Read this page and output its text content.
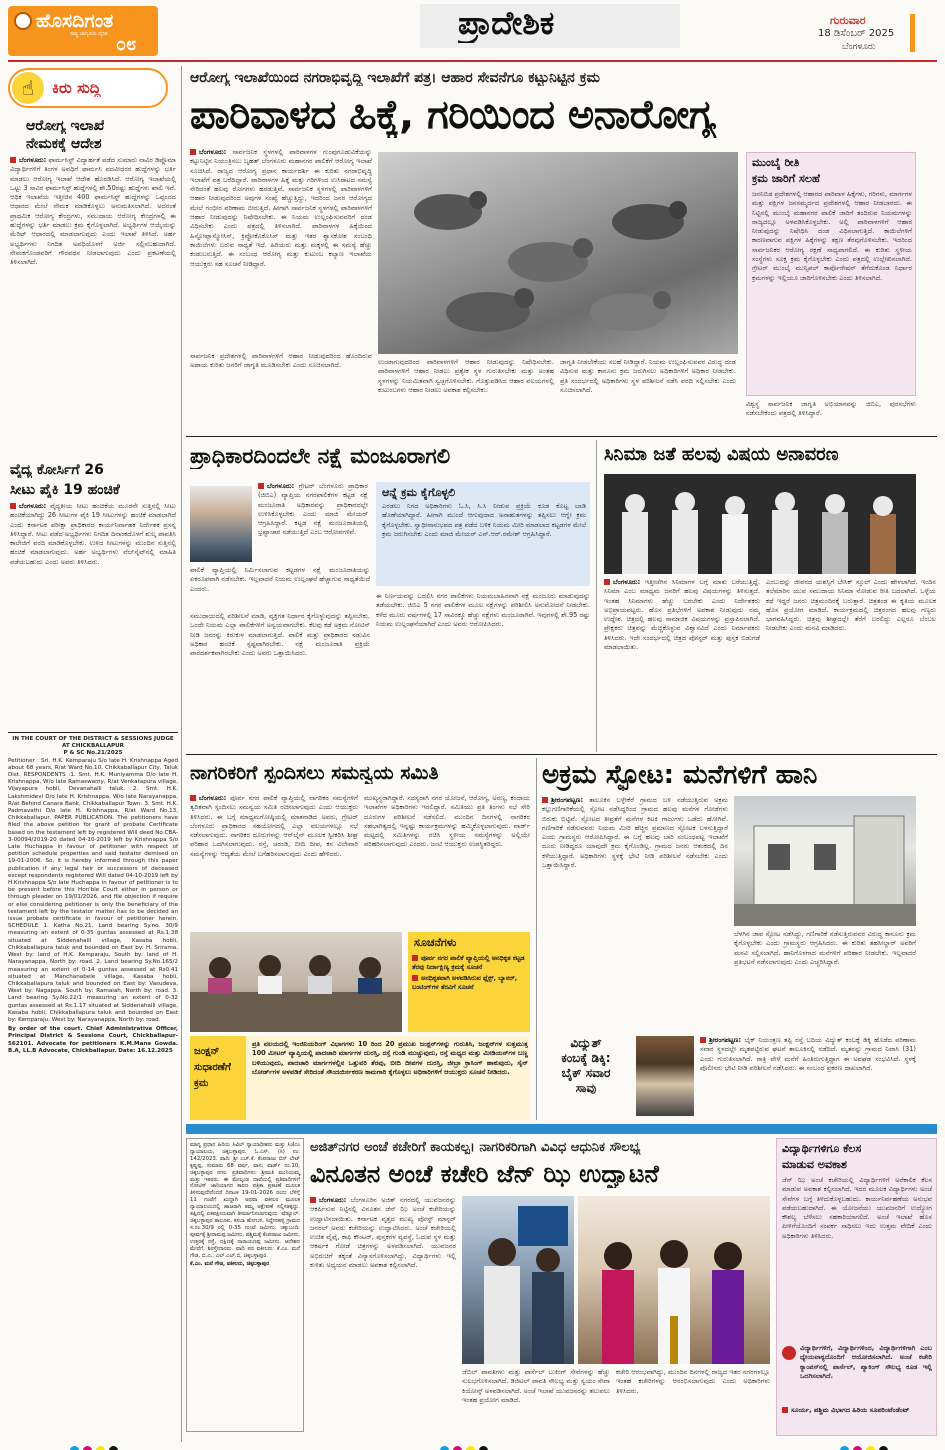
ಹೊಸದಿಗಂತ
ರಾಷ್ಟ್ರ ಜಾಗೃತಿಯ ದೈನಿಕ ೦೮
ಪ್ರಾದೇಶಿಕ	ಗುರುವಾರ
18 ಡಿಸೆಂಬರ್ 2025
ಬೆಂಗಳೂರು
☝	ಕಿರು ಸುದ್ದಿ
ಆರೋಗ್ಯ ಇಲಾಖೆ
ನೇಮಕಕ್ಕೆ ಆದೇಶ
ಬೆಂಗಳೂರು: ಫಾರ್ಮಸಿಸ್ಟ್ ವಿದ್ಯಾರ್ಹತೆ ಪಡೆದ ಸುಮಾರು ನಾವಿರ ಡಿಪ್ಲೊಮಾ ವಿದ್ಯಾರ್ಥಿಗಳಿಗೆ ತಿಂಗಳ ಅವಧಿಗೆ ಫಾರ್ಮಸಿ ಪದವೀಧರರ ಹುದ್ದೆಗಳನ್ನು ಭರ್ತಿ ಮಾಡಲು ಆರೋಗ್ಯ ಇಲಾಖೆ ಆದೇಶ ಹೊರಡಿಸಿದೆ. ಆರೋಗ್ಯ ಇಲಾಖೆಯಲ್ಲಿ ಒಟ್ಟು 3 ಸಾವಿರ ಫಾರ್ಮಸಿಸ್ಟ್ ಹುದ್ದೆಗಳಲ್ಲಿ ಶೇ.50ರಷ್ಟು ಹುದ್ದೆಗಳು ಖಾಲಿ ಇವೆ. ಆಧಿಕ ಇಲಾಖೆಯ ಇತ್ತೀಚಿನ 400 ಫಾರ್ಮಸಿಸ್ಟ್ ಹುದ್ದೆಗಳನ್ನು ಒಪ್ಪಂದದ ಆಧಾರದ ಮೇಲೆ ನೇಮಕ ಮಾಡಿಕೊಳ್ಳಲು ಅನುಮತಿಸಲಾಗಿದೆ. ಅದರಂತೆ ಪ್ರಾಥಮಿಕ ಆರೋಗ್ಯ ಕೇಂದ್ರಗಳು, ಸಮುದಾಯ ಆರೋಗ್ಯ ಕೇಂದ್ರಗಳಲ್ಲಿ ಈ ಹುದ್ದೆಗಳನ್ನು ಭರ್ತಿ ಮಾಡಲು ಕ್ರಮ ಕೈಗೊಳ್ಳಲಾಗಿದೆ. ಅಭ್ಯರ್ಥಿಗಳ ಆಯ್ಕೆಯನ್ನು ಮೆರಿಟ್ ಆಧಾರದಲ್ಲಿ ಮಾಡಲಾಗುವುದು ಎಂದು ಇಲಾಖೆ ತಿಳಿಸಿದೆ. ಅರ್ಹ ಅಭ್ಯರ್ಥಿಗಳು ನಿಗದಿತ ಅವಧಿಯೊಳಗೆ ಅರ್ಜಿ ಸಲ್ಲಿಸಬಹುದಾಗಿದೆ. ನೇಮಕಗೊಂಡವರಿಗೆ ಗೌರವಧನ ನೀಡಲಾಗುವುದು ಎಂದು ಪ್ರಕಟಣೆಯಲ್ಲಿ ತಿಳಿಸಲಾಗಿದೆ.
ವೈದ್ಯ ಕೋರ್ಸಿಗೆ 26
ಸೀಟು ಪೈಕಿ 19 ಹಂಚಿಕೆ
ಬೆಂಗಳೂರು: ವೈದ್ಯಕೀಯ ಸೀಟು ಹಂಚಿಕೆಯ ಮೂರನೇ ಸುತ್ತಿನಲ್ಲಿ ಸೀಟು ಹಂಚಿಕೆಯಾಗಿದ್ದು 26 ಸೀಟುಗಳ ಪೈಕಿ 19 ಸೀಟುಗಳನ್ನು ಹಂಚಿಕೆ ಮಾಡಲಾಗಿದೆ ಎಂದು ಕರ್ನಾಟಕ ಪರೀಕ್ಷಾ ಪ್ರಾಧಿಕಾರದ ಕಾರ್ಯನಿರ್ವಾಹಕ ನಿರ್ದೇಶಕ ಪ್ರಸನ್ನ ತಿಳಿಸಿದ್ದಾರೆ. ಸೀಟು ಪಡೆದ ಅಭ್ಯರ್ಥಿಗಳು ನಿಗದಿತ ದಿನಾಂಕದೊಳಗೆ ಶುಲ್ಕ ಪಾವತಿಸಿ ಕಾಲೇಜಿಗೆ ವರದಿ ಮಾಡಿಕೊಳ್ಳಬೇಕು. ಉಳಿದ ಸೀಟುಗಳನ್ನು ಮುಂದಿನ ಸುತ್ತಿನಲ್ಲಿ ಹಂಚಿಕೆ ಮಾಡಲಾಗುವುದು. ಅರ್ಹ ಅಭ್ಯರ್ಥಿಗಳು ವೆಬ್‌ಸೈಟ್‌ನಲ್ಲಿ ಮಾಹಿತಿ ಪಡೆಯಬಹುದು ಎಂದು ಅವರು ತಿಳಿಸಿದರು.
IN THE COURT OF THE DISTRICT & SESSIONS JUDGE AT CHICKBALLAPUR
P & SC No.21/2025
Petitioner : Sri. H.K. Kemparaju S/o late H. Krishnappa Aged about 68 years, R/at Ward No.10, Chikkaballapur City, Taluk Dist. RESPONDENTS :1. Smt. H.K. Muniyamma D/o late H. Krishnappa, W/o late Ramaswamy, R/at Venkatapura village, Vijayapura hobli, Devanahalli taluk. 2. Smt. H.K. Lakshmidevi D/o late H. Krishnappa, W/o late Narayanappa, R/at Behind Canara Bank, Chikkaballapur Town. 3. Smt. H.K. Padmavathi D/o late H. Krishnappa, R/at Ward No.13, Chikkaballapur. PAPER PUBLICATION. The petitioners have filed the above petition for grant of probate Certificate based on the testament left by registered Will deed No.CBA-3-00094/2019-20 dated 04-10-2019 left by Krishnappa S/o Late Huchappa in favour of petitioner with respect of petition schedule properties and said testator demised on 19-01-2006. So, it is hereby informed through this paper publication if any legal heir or successors of deceased except respondents registered Will dated 04-10-2019 left by H.Krishnappa S/o late Huchappa in favour of petitioner is to be present before this Hon'ble Court either in person or through pleader on 19/01/2026, and file objection if require or else considering petitioner is only the beneficiary of the testament left by the testator matter has to be decided an issue probate certificate in favour of petitioner herein. SCHEDULE 1. Katha No.21, Land bearing Sy.no. 30/9 measuring an extent of 0-35 guntas assessed at Rs.1.38 situated at Siddenahalli village, Kasaba hobli, Chikkaballapura taluk and bounded on East by: H. Srirama. West by: land of H.K. Kemparaju, South by: land of H. Narayanappa, North by: road. 2. Land bearing Sy.No.165/2 measuring an extent of 0-14 guntas assessed at Rs0.41 situated at Manchanabele village, Kasaba hobli, Chikkaballapura taluk and bounded on East by: Vasudeva, West by: Nagappa, South by: Ramaiah, North by: road. 3. Land bearing Sy.No.22/1 measuring an extent of 0-32 guntas assessed at Rs.1.17 situated at Siddenahalli village, Kasaba hobli, Chikkaballapura taluk and bounded on East by: Kemparaju, West by: Narayanappa, North by: road.
By order of the court. Chief Administrative Officer, Principal District & Sessions Court, Chickballapur-562101. Advocate for petitioners K.M.Mane Gowda. B.A, LL.B Advocate, Chickballapur. Date: 16.12.2025
ಆರೋಗ್ಯ ಇಲಾಖೆಯಿಂದ ನಗರಾಭಿವೃದ್ಧಿ ಇಲಾಖೆಗೆ ಪತ್ರ। ಆಹಾರ ಸೇವನೆಗೂ ಕಟ್ಟುನಿಟ್ಟಿನ ಕ್ರಮ
ಪಾರಿವಾಳದ ಹಿಕ್ಕೆ, ಗರಿಯಿಂದ ಅನಾರೋಗ್ಯ
ಬೆಂಗಳೂರು: ಸಾರ್ವಜನಿಕ ಸ್ಥಳಗಳಲ್ಲಿ ಪಾರಿವಾಳಗಳ ಗುಂಪುಗೂಡುವಿಕೆಯನ್ನು ಕಟ್ಟುನಿಟ್ಟಿನ ನಿಯಂತ್ರಿಸಲು ಬೃಹತ್ ಬೆಂಗಳೂರು ಮಹಾನಗರ ಪಾಲಿಕೆಗೆ ಆರೋಗ್ಯ ಇಲಾಖೆ ಸೂಚಿಸಿದೆ. ರಾಜ್ಯದ ಆರೋಗ್ಯ ಪ್ರಧಾನ ಕಾರ್ಯದರ್ಶಿ ಈ ಕುರಿತು ನಗರಾಭಿವೃದ್ಧಿ ಇಲಾಖೆಗೆ ಪತ್ರ ಬರೆದಿದ್ದಾರೆ. ಪಾರಿವಾಳಗಳ ಹಿಕ್ಕೆ ಮತ್ತು ಗರಿಗಳಿಂದ ಉಸಿರಾಟದ ಸಮಸ್ಯೆ ಸೇರಿದಂತೆ ಹಲವು ರೋಗಗಳು ಹರಡುತ್ತಿವೆ. ಸಾರ್ವಜನಿಕ ಸ್ಥಳಗಳಲ್ಲಿ ಪಾರಿವಾಳಗಳಿಗೆ ಆಹಾರ ನೀಡುವುದರಿಂದ ಅವುಗಳ ಸಂಖ್ಯೆ ಹೆಚ್ಚುತ್ತಿದ್ದು, ಇದರಿಂದ ಜನರ ಆರೋಗ್ಯದ ಮೇಲೆ ಗಂಭೀರ ಪರಿಣಾಮ ಬೀರುತ್ತಿದೆ. ಹೀಗಾಗಿ ಸಾರ್ವಜನಿಕ ಸ್ಥಳಗಳಲ್ಲಿ ಪಾರಿವಾಳಗಳಿಗೆ ಆಹಾರ ನೀಡುವುದನ್ನು ನಿಷೇಧಿಸಬೇಕು. ಈ ನಿಯಮ ಉಲ್ಲಂಘಿಸುವವರಿಗೆ ದಂಡ ವಿಧಿಸಬೇಕು ಎಂದು ಪತ್ರದಲ್ಲಿ ತಿಳಿಸಲಾಗಿದೆ. ಪಾರಿವಾಳಗಳ ಹಿಕ್ಕೆಯಿಂದ ಹಿಸ್ಟೋಪ್ಲಾಸ್ಮೋಸಿಸ್, ಕ್ರಿಪ್ಟೋಕೊಕೊಸಿಸ್ ಮತ್ತು ಇತರ ಶ್ವಾಸಕೋಶ ಸಂಬಂಧಿ ಕಾಯಿಲೆಗಳು ಬರುವ ಸಾಧ್ಯತೆ ಇದೆ. ಹಿರಿಯರು ಮತ್ತು ಮಕ್ಕಳಲ್ಲಿ ಈ ಸಮಸ್ಯೆ ಹೆಚ್ಚು ಕಂಡುಬರುತ್ತಿದೆ. ಈ ಸಂಬಂಧ ಆರೋಗ್ಯ ಮತ್ತು ಕುಟುಂಬ ಕಲ್ಯಾಣ ಇಲಾಖೆಯ ಆಯುಕ್ತರು ಸಹ ಸೂಚನೆ ನೀಡಿದ್ದಾರೆ.
ಸಾರ್ವಜನಿಕ ಪ್ರದೇಶಗಳಲ್ಲಿ ಪಾರಿವಾಳಗಳಿಗೆ ಆಹಾರ ನೀಡುವುದರಿಂದ ಹೊಂದಿರುವ ಅಪಾಯ ಕುರಿತು ಜನರಿಗೆ ಜಾಗೃತಿ ಮೂಡಿಸಬೇಕು ಎಂದು ಸೂಚಿಸಲಾಗಿದೆ.	ಉಂಟಾಗುವುದರಿಂದ ಪಾರಿವಾಳಗಳಿಗೆ ಆಹಾರ ನೀಡುವುದನ್ನು ನಿಷೇಧಿಸಬೇಕು. ಪಾರಿವಾಳಗಳಿಗೆ ಆಹಾರ ನೀಡಲು ಪ್ರತ್ಯೇಕ ಸ್ಥಳ ಗುರುತಿಸಬೇಕು ಮತ್ತು ಅಂತಹ ಸ್ಥಳಗಳನ್ನು ನಿಯಮಿತವಾಗಿ ಸ್ವಚ್ಛಗೊಳಿಸಬೇಕು. ಗೊತ್ತುಪಡಿಸಿದ ಆಹಾರ ವಲಯಗಳಲ್ಲಿ ಕುಟುಂಬಗಳು ಆಹಾರ ನೀಡಲು ಅವಕಾಶ ಕಲ್ಪಿಸಬೇಕು.
ಜಾಗೃತಿ ನೀಡಬೇಕೆಂದು ಸಲಹೆ ನೀಡಿದ್ದಾರೆ. ನಿಯಮ ಉಲ್ಲಂಘಿಸುವವರ ವಿರುದ್ಧ ದಂಡ ವಿಧಿಸುವ ಮತ್ತು ಕಾನೂನು ಕ್ರಮ ಜರುಗಿಸಲು ಅಧಿಕಾರಿಗಳಿಗೆ ಅಧಿಕಾರ ನೀಡಬೇಕು. ಪ್ರತಿ ಸಂದರ್ಭದಲ್ಲಿ ಅಧಿಕಾರಿಗಳು ಸ್ಥಳ ಪರಿಶೀಲನೆ ನಡೆಸಿ ವರದಿ ಸಲ್ಲಿಸಬೇಕು ಎಂದು ಸೂಚಿಸಲಾಗಿದೆ.
ಮುಂಬೈ ರೀತಿ
ಕ್ರಮ ಜಾರಿಗೆ ಸಲಹೆ
ಜನನಿಬಿಡ ಪ್ರದೇಶಗಳಲ್ಲಿ ಆಹಾರದ ಪಾರಿವಾಳ ಹಿಕ್ಕೆಗಳು, ಗರಿಗಳು, ಮಾರ್ಗಗಳ ಮತ್ತು ಪಕ್ಷಿಗಳ ಜನಸಮ್ಮರ್ದದ ಪ್ರದೇಶಗಳಲ್ಲಿ ಆಹಾರ ನೀಡಬಾರದು. ಈ ನಿಟ್ಟಿನಲ್ಲಿ ಮುಂಬೈ ಮಹಾನಗರ ಪಾಲಿಕೆ ಜಾರಿಗೆ ತಂದಿರುವ ನಿಯಮಗಳನ್ನು ರಾಜ್ಯದಲ್ಲೂ ಅಳವಡಿಸಿಕೊಳ್ಳಬೇಕು. ಅಲ್ಲಿ ಪಾರಿವಾಳಗಳಿಗೆ ಆಹಾರ ನೀಡುವುದನ್ನು ನಿಷೇಧಿಸಿ ದಂಡ ವಿಧಿಸಲಾಗುತ್ತಿದೆ. ಕಾಯಿಲೆಗಳಿಗೆ ಕಾರಣವಾಗುವ ಪಕ್ಷಿಗಳ ಹಿಕ್ಕೆಗಳನ್ನು ತಕ್ಷಣ ತೆರವುಗೊಳಿಸಬೇಕು. ಇದರಿಂದ ಸಾರ್ವಜನಿಕರ ಆರೋಗ್ಯ ರಕ್ಷಣೆ ಸಾಧ್ಯವಾಗಲಿದೆ. ಈ ಕುರಿತು ಸ್ಥಳೀಯ ಸಂಸ್ಥೆಗಳು ಸೂಕ್ತ ಕ್ರಮ ಕೈಗೊಳ್ಳಬೇಕು ಎಂದು ಪತ್ರದಲ್ಲಿ ಉಲ್ಲೇಖಿಸಲಾಗಿದೆ. ಗ್ರೇಟರ್ ಮುಂಬೈ ಮುನ್ಸಿಪಲ್ ಕಾರ್ಪೊರೇಷನ್ ತೆಗೆದುಕೊಂಡ ನಿರ್ಧಾರ ಕ್ರಮಗಳನ್ನು ಇಲ್ಲಿಯೂ ಜಾರಿಗೊಳಿಸಬೇಕು ಎಂದು ತಿಳಿಸಲಾಗಿದೆ.
ವಿಶ್ವಸ್ಥ ಸಾರ್ವಜನಿಕ ಜಾಗೃತಿ ಅಭಿಯಾನವನ್ನು ಜಿಬಿಎ, ಪುರಸಭೆಗಳು ನಡೆಸಬೇಕೆಂದು ಪತ್ರದಲ್ಲಿ ತಿಳಿಸಿದ್ದಾರೆ.
ಪ್ರಾಧಿಕಾರದಿಂದಲೇ ನಕ್ಷೆ ಮಂಜೂರಾಗಲಿ
ಬೆಂಗಳೂರು: ಗ್ರೇಟರ್ ಬೆಂಗಳೂರು ಪ್ರಾಧಿಕಾರ (ಜಿಬಿಎ) ವ್ಯಾಪ್ತಿಯ ನಗರಪಾಲಿಕೆಗಳ ಕಟ್ಟಡ ನಕ್ಷೆ ಮಂಜೂರಾತಿ ಅಧಿಕಾರವನ್ನು ಪ್ರಾಧಿಕಾರದಲ್ಲೇ ಉಳಿಸಿಕೊಳ್ಳಬೇಕು ಎಂದು ಮಾಜಿ ಮೇಯರ್ ಆಗ್ರಹಿಸಿದ್ದಾರೆ. ಕಟ್ಟಡ ನಕ್ಷೆ ಮಂಜೂರಾತಿಯಲ್ಲಿ ಭ್ರಷ್ಟಾಚಾರ ನಡೆಯುತ್ತಿದೆ ಎಂಬ ಆರೋಪಗಳಿವೆ.
ಪಾಲಿಕೆ ವ್ಯಾಪ್ತಿಯಲ್ಲಿ ನಿರ್ಮಿಸಲಾಗುವ ಕಟ್ಟಡಗಳ ನಕ್ಷೆ ಮಂಜೂರಾತಿಯನ್ನು ಏಕರೂಪವಾಗಿ ನಡೆಸಬೇಕು. ಇಲ್ಲವಾದರೆ ನಿಯಮ ಉಲ್ಲಂಘನೆ ಹೆಚ್ಚಾಗುವ ಸಾಧ್ಯತೆಯಿದೆ ಎಂದರು.
ಸಮುದಾಯದಲ್ಲಿ ಪರಿಶೀಲನೆ ಮಾಡಿ, ವ್ಯಕ್ತಿಗತ ನಿರ್ಧಾರ ಕೈಗೊಳ್ಳುವುದನ್ನು ತಪ್ಪಿಸಬೇಕು. ಒಂದೇ ನಿಯಮ ಎಲ್ಲಾ ಪಾಲಿಕೆಗಳಿಗೆ ಅನ್ವಯವಾಗಬೇಕು. ಕೆಲವು ಕಡೆ ಅಕ್ರಮ ನೋಟಿಸ್ ನೀಡಿ ಜನರನ್ನು ಕಿರುಕುಳ ಮಾಡಲಾಗುತ್ತಿದೆ. ಪಾಲಿಕೆ ಮತ್ತು ಪ್ರಾಧಿಕಾರದ ನಡುವಿನ ಅಧಿಕಾರ ಹಂಚಿಕೆ ಸ್ಪಷ್ಟವಾಗಿರಬೇಕು. ನಕ್ಷೆ ಮಂಜೂರಾತಿ ಪ್ರಕ್ರಿಯೆ ಪಾರದರ್ಶಕವಾಗಿರಬೇಕು ಎಂದು ಅವರು ಒತ್ತಾಯಿಸಿದರು.
ಆನ್ನೆ ಕ್ರಮ ಕೈಗೊಳ್ಳಲಿ
ಎರಡಲು ನಿಗದ ಅಧಿಕಾರಿಗಳು ಓ.ಸಿ, ಸಿ.ಸಿ ನೀಡುವ ಪ್ರಕ್ರಿಯೆ ಕೂಡ ಕೊಟ್ಟ ಬಾಡಿ ಹೊಣೆಯಾಗಿದ್ದಾರೆ. ಹೀಗಾಗಿ ಮುಂದೆ ಆಗುವುದಾದ ಅನಾಹುತಗಳನ್ನು ತಪ್ಪಿಸಲು ಆಗ್ನೇ ಕ್ರಮ ಕೈಗೊಳ್ಳಬೇಕು. ಸ್ವಾಧೀನಾನುಭವದ ಪತ್ರ ಪಡೆದ ಬಳಿಕ ನಿಯಮ ಮೀರಿ ಮಾಡಲಾದ ಕಟ್ಟಡಗಳ ಮೇಲೆ ಕ್ರಮ ಜರುಗಿಸಬೇಕು ಎಂದು ಮಾಜಿ ಮೇಯರ್ ಎನ್.ಆರ್.ರಮೇಶ್ ಆಗ್ರಹಿಸಿದ್ದಾರೆ.
ಈ ನಿರ್ಣಯವನ್ನು ಬದಲಿಸಿ ನಗರ ಪಾಲಿಕೆಗಳು ನಿಯಮಬಾಹಿರವಾಗಿ ನಕ್ಷೆ ಮಂಜೂರು ಮಾಡುವುದನ್ನು ತಡೆಯಬೇಕು. ಜಿಬಿಎ 5 ನಗರ ಪಾಲಿಕೆಗಳ ಮೂಲ ನಕ್ಷೆಗಳನ್ನು ಪರಿಶೀಲಿಸಿ ಅನುಮೋದನೆ ನೀಡಬೇಕು. ಕಳೆದ ಮೂರು ವರ್ಷಗಳಲ್ಲಿ 17 ಸಾವಿರಕ್ಕೂ ಹೆಚ್ಚು ನಕ್ಷೆಗಳು ಮಂಜೂರಾಗಿವೆ. ಇವುಗಳಲ್ಲಿ ಶೇ.95 ರಷ್ಟು ನಿಯಮ ಉಲ್ಲಂಘನೆಯಾಗಿದೆ ಎಂದು ಅವರು ಆರೋಪಿಸಿದರು.
ಸಿನಿಮಾ ಜತೆ ಹಲವು ವಿಷಯ ಅನಾವರಣ
ಬೆಂಗಳೂರು: ಇತ್ತೀಚೆಗಿನ ಸಿನಿಮಾಗಳ ಬಗ್ಗೆ ಮಾತು ಬರೆಯುತ್ತಿದ್ದೆ. ಸಿನಿಮಾ ಎಂಬ ಮಾಧ್ಯಮ ಜನರಿಗೆ ಹಲವು ವಿಷಯಗಳನ್ನು ತಿಳಿಸುತ್ತದೆ. ಇಂತಹ ಸಿನಿಮಾಗಳು ಹೆಚ್ಚು ಬರಬೇಕು ಎಂದು ನಿರ್ದೇಶಕರು ಅಭಿಪ್ರಾಯಪಟ್ಟರು. ಹೊಸ ಪ್ರತಿಭೆಗಳಿಗೆ ಅವಕಾಶ ನೀಡುವುದು ನಮ್ಮ ಉದ್ದೇಶ. ಚಿತ್ರದಲ್ಲಿ ಹಲವು ಸಾಮಾಜಿಕ ವಿಷಯಗಳನ್ನು ಪ್ರಸ್ತಾಪಿಸಲಾಗಿದೆ. ಪ್ರೇಕ್ಷಕರು ಚಿತ್ರವನ್ನು ಮೆಚ್ಚಿಕೊಳ್ಳುವ ವಿಶ್ವಾಸವಿದೆ ಎಂದು ನಿರ್ಮಾಪಕರು ತಿಳಿಸಿದರು. ಇದೇ ಸಂದರ್ಭದಲ್ಲಿ ಚಿತ್ರದ ಪೋಸ್ಟರ್ ಮತ್ತು ಪುಸ್ತಕ ಬಿಡುಗಡೆ ಮಾಡಲಾಯಿತು.
ಎಂಬುದನ್ನು ಜೀವನದ ಯಶಸ್ಸಿಗೆ ಬೇಸಿಕ್ ಸ್ಕೂಲ್ ಎಂದು ಹೇಳಲಾಗಿದೆ. ಇಂದಿನ ತಲೆಮಾರಿನ ಯುವ ಸಮುದಾಯ ಸಿನಿಮಾ ನೋಡುವ ರೀತಿ ಬದಲಾಗಿದೆ. ಒಳ್ಳೆಯ ಕಥೆ ಇದ್ದರೆ ಜನರು ಚಿತ್ರಮಂದಿರಕ್ಕೆ ಬರುತ್ತಾರೆ. ಚಿತ್ರತಂಡ ಈ ಕೃತಿಯ ಮೂಲಕ ಹೊಸ ಪ್ರಯೋಗ ಮಾಡಿದೆ. ಕಾರ್ಯಕ್ರಮದಲ್ಲಿ ಚಿತ್ರರಂಗದ ಹಲವು ಗಣ್ಯರು ಭಾಗವಹಿಸಿದ್ದರು. ಚಿತ್ರವು ಶೀಘ್ರದಲ್ಲೇ ತೆರೆಗೆ ಬರಲಿದ್ದು ಎಲ್ಲರೂ ಬೆಂಬಲ ನೀಡಬೇಕು ಎಂದು ಮನವಿ ಮಾಡಿದರು.
ನಾಗರಿಕರಿಗೆ ಸ್ಪಂದಿಸಲು ಸಮನ್ವಯ ಸಮಿತಿ
ಬೆಂಗಳೂರು: ಪೂರ್ವ ನಗರ ಪಾಲಿಕೆ ವ್ಯಾಪ್ತಿಯಲ್ಲಿ ನಾಗರಿಕರ ಸಮಸ್ಯೆಗಳಿಗೆ ತ್ವರಿತವಾಗಿ ಸ್ಪಂದಿಸಲು ಸಮನ್ವಯ ಸಮಿತಿ ರಚಿಸಲಾಗುವುದು ಎಂದು ಆಯುಕ್ತರು ತಿಳಿಸಿದರು. ಈ ಬಗ್ಗೆ ಮಾಧ್ಯಮಗೋಷ್ಠಿಯಲ್ಲಿ ಮಾತನಾಡಿದ ಅವರು, ಗ್ರೇಟರ್ ಬೆಂಗಳೂರು ಪ್ರಾಧಿಕಾರದ ಸಹಯೋಗದಲ್ಲಿ ಎಲ್ಲಾ ವಲಯಗಳಲ್ಲೂ ಸಭೆ ನಡೆಸಲಾಗುವುದು. ನಾಗರಿಕರ ದೂರುಗಳನ್ನು ಆನ್‌ಲೈನ್ ಮೂಲಕ ಸ್ವೀಕರಿಸಿ ಶೀಘ್ರ ಪರಿಹಾರ ಒದಗಿಸಲಾಗುವುದು. ರಸ್ತೆ, ಚರಂಡಿ, ಬೀದಿ ದೀಪ, ಕಸ ವಿಲೇವಾರಿ ಸಮಸ್ಯೆಗಳನ್ನು ಆದ್ಯತೆಯ ಮೇಲೆ ಬಗೆಹರಿಸಲಾಗುವುದು ಎಂದು ಹೇಳಿದರು.
ಮುಖ್ಯಸ್ಥರಾಗಿದ್ದಾರೆ. ಸದಸ್ಯರಾಗಿ ನಗರ ಯೋಜನೆ, ಆರೋಗ್ಯ, ಅರಣ್ಯ, ಕಂದಾಯ ಇಲಾಖೆಗಳ ಅಧಿಕಾರಿಗಳು ಇರಲಿದ್ದಾರೆ. ಸಮಿತಿಯು ಪ್ರತಿ ತಿಂಗಳು ಸಭೆ ಸೇರಿ ದೂರುಗಳ ಪರಿಶೀಲನೆ ನಡೆಸಲಿದೆ. ಮುಂದಿನ ದಿನಗಳಲ್ಲಿ ನಾಗರಿಕರ ಸಹಭಾಗಿತ್ವದಲ್ಲಿ ಇನ್ನಷ್ಟು ಕಾರ್ಯಕ್ರಮಗಳನ್ನು ಹಮ್ಮಿಕೊಳ್ಳಲಾಗುವುದು. ವಾರ್ಡ್ ಮಟ್ಟದಲ್ಲಿ ಸಮಿತಿಗಳನ್ನು ರಚಿಸಿ ಸ್ಥಳೀಯ ಸಮಸ್ಯೆಗಳನ್ನು ಅಲ್ಲಿಯೇ ಪರಿಹರಿಸಲಾಗುವುದು ಎಂದರು. ಜಂಟಿ ಆಯುಕ್ತರು ಉಪಸ್ಥಿತರಿದ್ದರು.
ಸೂಚನೆಗಳು
ಪೂರ್ವ ನಗರ ಪಾಲಿಕೆ ವ್ಯಾಪ್ತಿಯಲ್ಲಿ ಅನಧಿಕೃತ ಕಟ್ಟಡ ತೆರವು ನಿರ್ದಾಕ್ಷಿಣ್ಯ ಕ್ರಮಕ್ಕೆ ಸೂಚನೆ
ಅನಧಿಕೃತವಾಗಿ ಅಳವಡಿಸಿರುವ ಫ್ಲೆಕ್ಸ್, ಬ್ಯಾನರ್, ಬಂಟಿಂಗ್‌ಗಳ ತೆರವಿಗೆ ಸೂಚನೆ
ಜಂಕ್ಷನ್
ಸುಧಾರಣೆಗೆ
ಕ್ರಮ
ಪ್ರತಿ ವಲಯದಲ್ಲಿ ಇಂಜಿನಿಯರಿಂಗ್ ವಿಭಾಗಗಳು 10 ರಿಂದ 20 ಪ್ರಮುಖ ಜಂಕ್ಷನ್‌ಗಳನ್ನು ಗುರುತಿಸಿ, ಜಂಕ್ಷನ್‌ಗಳ ಸುತ್ತಮುತ್ತ 100 ಮೀಟರ್ ವ್ಯಾಪ್ತಿಯಲ್ಲಿ ಪಾದಚಾರಿ ಮಾರ್ಗಗಳ ದುರಸ್ತಿ, ರಸ್ತೆ ಗುಂಡಿ ಮುಚ್ಚುವುದು, ರಸ್ತೆ ಮಧ್ಯದ ಮತ್ತು ಮೀಡಿಯನ್‌ಗಳ ಬಣ್ಣ ಬಳಿಯುವುದು, ಪಾದಚಾರಿ ಮಾರ್ಗಗಳಲ್ಲಿನ ಒತ್ತುವರಿ ತೆರವು, ಬೀದಿ ದೀಪಗಳ ದುರಸ್ತಿ, ಜೀಬ್ರಾ ಕ್ರಾಸಿಂಗ್ ಹಾಕುವುದು, ಸೈನ್ ಬೋರ್ಡ್‌ಗಳ ಅಳವಡಿಕೆ ಸೇರಿದಂತೆ ಸೌಂದರ್ಯೀಕರಣ ಕಾಮಗಾರಿ ಕೈಗೊಳ್ಳಲು ಅಧಿಕಾರಿಗಳಿಗೆ ಆಯುಕ್ತರು ಸೂಚನೆ ನೀಡಿದರು.
ಅಕ್ರಮ ಸ್ಫೋಟ: ಮನೆಗಳಿಗೆ ಹಾನಿ
ಶ್ರೀರಂಗಪಟ್ಟಣ: ತಾಲೂಕಿನ ಬಳ್ಳೇಕೆರೆ ಗ್ರಾಮದ ಬಳಿ ನಡೆಯುತ್ತಿರುವ ಅಕ್ರಮ ಕಲ್ಲುಗಣಿಗಾರಿಕೆಯಲ್ಲಿ ಸ್ಫೋಟ ನಡೆಸಿದ್ದರಿಂದ ಗ್ರಾಮದ ಹಲವು ಮನೆಗಳ ಗೋಡೆಗಳು ಬಿರುಕು ಬಿಟ್ಟಿವೆ. ಸ್ಫೋಟದ ತೀವ್ರತೆಗೆ ಮನೆಗಳ ಕಿಟಕಿ ಗಾಜುಗಳು ಒಡೆದು ಹೋಗಿವೆ. ಗಣಿಗಾರಿಕೆ ನಡೆಸುವವರು ನಿಯಮ ಮೀರಿ ಹೆಚ್ಚಿನ ಪ್ರಮಾಣದ ಸ್ಫೋಟಕ ಬಳಸುತ್ತಿದ್ದಾರೆ ಎಂದು ಗ್ರಾಮಸ್ಥರು ಆರೋಪಿಸಿದ್ದಾರೆ. ಈ ಬಗ್ಗೆ ಹಲವು ಬಾರಿ ಸಂಬಂಧಪಟ್ಟ ಇಲಾಖೆಗೆ ದೂರು ನೀಡಿದ್ದರೂ ಯಾವುದೇ ಕ್ರಮ ಕೈಗೊಂಡಿಲ್ಲ. ಗ್ರಾಮದ ಜನರು ಆತಂಕದಲ್ಲಿ ದಿನ ಕಳೆಯುತ್ತಿದ್ದಾರೆ. ಅಧಿಕಾರಿಗಳು ಸ್ಥಳಕ್ಕೆ ಭೇಟಿ ನೀಡಿ ಪರಿಶೀಲನೆ ನಡೆಸಬೇಕು ಎಂದು ಒತ್ತಾಯಿಸಿದ್ದಾರೆ.
ಬೆಳಗಿನ ಜಾವ ಸ್ಫೋಟ ನಡೆಸಿದ್ದು, ಗಣಿಗಾರಿಕೆ ನಡೆಸುತ್ತಿರುವವರ ವಿರುದ್ಧ ಕಾನೂನು ಕ್ರಮ ಕೈಗೊಳ್ಳಬೇಕು ಎಂದು ಗ್ರಾಮಸ್ಥರು ಆಗ್ರಹಿಸಿದರು. ಈ ಕುರಿತು ತಹಸೀಲ್ದಾರ್ ಅವರಿಗೆ ಮನವಿ ಸಲ್ಲಿಸಲಾಗಿದೆ. ಹಾನಿಗೊಳಗಾದ ಮನೆಗಳಿಗೆ ಪರಿಹಾರ ನೀಡಬೇಕು. ಇಲ್ಲವಾದರೆ ಪ್ರತಿಭಟನೆ ನಡೆಸಲಾಗುವುದು ಎಂದು ಎಚ್ಚರಿಸಿದ್ದಾರೆ.
ವಿದ್ಯುತ್
ಕಂಬಕ್ಕೆ ಡಿಕ್ಕಿ:
ಬೈಕ್ ಸವಾರ
ಸಾವು
ಶ್ರೀರಂಗಪಟ್ಟಣ: ಬೈಕ್ ನಿಯಂತ್ರಣ ತಪ್ಪಿ ರಸ್ತೆ ಬದಿಯ ವಿದ್ಯುತ್ ಕಂಬಕ್ಕೆ ಡಿಕ್ಕಿ ಹೊಡೆದ ಪರಿಣಾಮ ಸವಾರ ಸ್ಥಳದಲ್ಲೇ ಮೃತಪಟ್ಟಿರುವ ಘಟನೆ ತಾಲೂಕಿನಲ್ಲಿ ನಡೆದಿದೆ. ಮೃತನನ್ನು ಗ್ರಾಮದ ನಿವಾಸಿ (31) ಎಂದು ಗುರುತಿಸಲಾಗಿದೆ. ರಾತ್ರಿ ವೇಳೆ ಮನೆಗೆ ಹಿಂತಿರುಗುತ್ತಿದ್ದಾಗ ಈ ಅವಘಡ ಸಂಭವಿಸಿದೆ. ಸ್ಥಳಕ್ಕೆ ಪೊಲೀಸರು ಭೇಟಿ ನೀಡಿ ಪರಿಶೀಲನೆ ನಡೆಸಿದರು. ಈ ಸಂಬಂಧ ಪ್ರಕರಣ ದಾಖಲಾಗಿದೆ.
ಮಾನ್ಯ ಪ್ರಧಾನ ಹಿರಿಯ ಸಿವಿಲ್ ನ್ಯಾಯಾಧೀಶರು ಮತ್ತು ಸಿಜೆಎಂ ನ್ಯಾಯಾಲಯ, ಚಿಕ್ಕಬಳ್ಳಾಪುರ. ಓ.ಎಸ್. (ಸಿ) ನಂ: 142/2023. ವಾದಿ: ಶ್ರೀ ಎಚ್.ಕೆ. ಕೆಂಪರಾಜು ಬಿನ್ ಲೇಟ್ ಕೃಷ್ಣಪ್ಪ, ಸುಮಾರು 68 ವರ್ಷ, ವಾಸ: ವಾರ್ಡ್ ನಂ.10, ಚಿಕ್ಕಬಳ್ಳಾಪುರ ನಗರ. ಪ್ರತಿವಾದಿಗಳು: ಶ್ರೀಮತಿ ಮುನಿಯಮ್ಮ ಮತ್ತು ಇತರರು. ಈ ಮೇಲ್ಕಂಡ ದಾವೆಯಲ್ಲಿ ಪ್ರತಿವಾದಿಗಳಿಗೆ ನೋಟಿಸ್ ಜಾರಿಯಾಗದ ಕಾರಣ ಪತ್ರಿಕಾ ಪ್ರಕಟಣೆ ಮೂಲಕ ತಿಳಿಸುವುದೇನೆಂದರೆ ದಿನಾಂಕ 19-01-2026 ರಂದು ಬೆಳಿಗ್ಗೆ 11 ಗಂಟೆಗೆ ಖುದ್ದಾಗಿ ಅಥವಾ ವಕೀಲರ ಮೂಲಕ ನ್ಯಾಯಾಲಯದಲ್ಲಿ ಹಾಜರಾಗಿ ತಮ್ಮ ಆಕ್ಷೇಪಣೆ ಸಲ್ಲಿಸತಕ್ಕದ್ದು. ತಪ್ಪಿದಲ್ಲಿ ಏಕಪಕ್ಷೀಯವಾಗಿ ತೀರ್ಮಾನಿಸಲಾಗುವುದು. ಷೆಡ್ಯೂಲ್: ಚಿಕ್ಕಬಳ್ಳಾಪುರ ತಾಲೂಕು, ಕಸಬಾ ಹೋಬಳಿ, ಸಿದ್ದೇನಹಳ್ಳಿ ಗ್ರಾಮದ ಸ.ನಂ.30/9 ರಲ್ಲಿ 0-35 ಗುಂಟೆ ಜಮೀನು. ಚಕ್ಕುಬಂದಿ: ಪೂರ್ವಕ್ಕೆ ಶ್ರೀರಾಮಪ್ಪ ಜಮೀನು, ಪಶ್ಚಿಮಕ್ಕೆ ಕೆಂಪರಾಜು ಜಮೀನು, ಉತ್ತರಕ್ಕೆ ರಸ್ತೆ, ದಕ್ಷಿಣಕ್ಕೆ ನಾರಾಯಣಪ್ಪ ಜಮೀನು. ಆದೇಶದ ಮೇರೆಗೆ, ಶಿರಸ್ತೇದಾರರು. ವಾದಿ ಪರ ವಕೀಲರು: ಕೆ.ಎಂ. ಮನೆ ಗೌಡ, ಬಿ.ಎ., ಎಲ್.ಎಲ್.ಬಿ, ಚಿಕ್ಕಬಳ್ಳಾಪುರ.
ಕೆ.ಎಂ. ಮನೆ ಗೌಡ, ವಕೀಲರು, ಚಿಕ್ಕಬಳ್ಳಾಪುರ
ಅಜಿತ್‌ನಗರ ಅಂಚೆ ಕಚೇರಿಗೆ ಕಾಯಕಲ್ಪ। ನಾಗರಿಕರಿಗಾಗಿ ವಿವಿಧ ಆಧುನಿಕ ಸೌಲಭ್ಯ
ವಿನೂತನ ಅಂಚೆ ಕಚೇರಿ ಜೆನ್ ಝಿ ಉದ್ಘಾಟನೆ
ಬೆಂಗಳೂರು: ಬೆಂಗಳೂರಿನ ಅಜಿತ್ ನಗರದಲ್ಲಿ ಯುವಜನರನ್ನು ಆಕರ್ಷಿಸುವ ನಿಟ್ಟಿನಲ್ಲಿ ವಿನೂತನ ಜೆನ್ ಝಿ ಅಂಚೆ ಕಚೇರಿಯನ್ನು ಉದ್ಘಾಟಿಸಲಾಯಿತು. ಕರ್ನಾಟಕ ವೃತ್ತದ ಮುಖ್ಯ ಪೋಸ್ಟ್ ಮಾಸ್ಟರ್ ಜನರಲ್ ಅವರು ಕಚೇರಿಯನ್ನು ಉದ್ಘಾಟಿಸಿದರು. ಅಂಚೆ ಕಚೇರಿಯಲ್ಲಿ ಉಚಿತ ವೈಫೈ, ಕಾಫಿ ಕೌಂಟರ್, ಪುಸ್ತಕಗಳ ವ್ಯವಸ್ಥೆ, ಓದುವ ಸ್ಥಳ ಮತ್ತು ಆಕರ್ಷಕ ಗೋಡೆ ಚಿತ್ರಗಳನ್ನು ಅಳವಡಿಸಲಾಗಿದೆ. ಯುವಜನರ ಅಭಿರುಚಿಗೆ ತಕ್ಕಂತೆ ವಿನ್ಯಾಸಗೊಳಿಸಲಾಗಿದ್ದು, ವಿದ್ಯಾರ್ಥಿಗಳು ಇಲ್ಲಿ ಕುಳಿತು ಅಧ್ಯಯನ ಮಾಡಲು ಅವಕಾಶ ಕಲ್ಪಿಸಲಾಗಿದೆ.
ಜೆಬಿಲ್ ಪಾವತಿಗಳು ಮತ್ತು ಪಾರ್ಸೆಲ್ ಬುಕಿಂಗ್ ಸೇವೆಗಳನ್ನು ಹೆಚ್ಚು ಸುಲಭಗೊಳಿಸಲಾಗಿದೆ. ಡಿಜಿಟಲ್ ಪಾವತಿ ಸೌಲಭ್ಯ ಮತ್ತು ಸ್ವಯಂ ಸೇವಾ ಕಿಯೋಸ್ಕ್ ಅಳವಡಿಸಲಾಗಿದೆ. ಅಂಚೆ ಇಲಾಖೆ ಯುವಜನರನ್ನು ತಲುಪಲು ಇಂತಹ ಪ್ರಯೋಗ ಮಾಡಿದೆ.
ಕಚೇರಿ ಆರಂಭವಾಗಿದ್ದು, ಮುಂದಿನ ದಿನಗಳಲ್ಲಿ ರಾಜ್ಯದ ಇತರ ನಗರಗಳಲ್ಲೂ ಇಂತಹ ಕಚೇರಿಗಳನ್ನು ಆರಂಭಿಸಲಾಗುವುದು ಎಂದು ಅಧಿಕಾರಿಗಳು ತಿಳಿಸಿದರು.
ವಿದ್ಯಾರ್ಥಿಗಳಿಗೂ ಕೆಲಸ
ಮಾಡುವ ಅವಕಾಶ
ಜೆನ್ ಝಿ ಅಂಚೆ ಕಚೇರಿಯಲ್ಲಿ ವಿದ್ಯಾರ್ಥಿಗಳಿಗೆ ಅರೆಕಾಲಿಕ ಕೆಲಸ ಮಾಡುವ ಅವಕಾಶ ಕಲ್ಪಿಸಲಾಗಿದೆ. ಇದರ ಮೂಲಕ ವಿದ್ಯಾರ್ಥಿಗಳು ಅಂಚೆ ಸೇವೆಗಳ ಬಗ್ಗೆ ತಿಳಿದುಕೊಳ್ಳಬಹುದು. ಕಾರ್ಯನಿರ್ವಹಣೆಯ ಅನುಭವ ಪಡೆಯಬಹುದಾಗಿದೆ. ಈ ಯೋಜನೆಯು ಯುವಜನರಿಗೆ ಉದ್ಯೋಗ ಕೌಶಲ್ಯ ಬೆಳೆಸಲು ಸಹಕಾರಿಯಾಗಲಿದೆ. ಅಂಚೆ ಇಲಾಖೆ ಹೊಸ ಪೀಳಿಗೆಯೊಂದಿಗೆ ಸಂಪರ್ಕ ಸಾಧಿಸಲು ಇದು ಉತ್ತಮ ವೇದಿಕೆ ಎಂದು ಅಧಿಕಾರಿಗಳು ತಿಳಿಸಿದರು.
ವಿದ್ಯಾರ್ಥಿಗಳಿಗೆ, ವಿದ್ಯಾರ್ಥಿಗಳಿಂದ, ವಿದ್ಯಾರ್ಥಿಗಳಿಗಾಗಿ ಎಂಬ ಧ್ಯೇಯವಾಕ್ಯದೊಂದಿಗೆ ಆಯೋಜಿಸಲಾಗಿದೆ. ಅಂಚೆ ಕಚೇರಿ ಕ್ಯಾಂಪಸ್‌ನಲ್ಲಿ ಪಾರ್ಸೆಲ್, ಪ್ಯಾಕಿಂಗ್ ಸೌಲಭ್ಯ ಕೂಡ ಇಲ್ಲಿ ಒದಗಿಸಲಾಗಿದೆ.
ಸೂರ್ಯ, ಪಶ್ಚಿಮ ವಿಭಾಗದ ಹಿರಿಯ ಸೂಪರಿಂಟೆಂಡೆಂಟ್
